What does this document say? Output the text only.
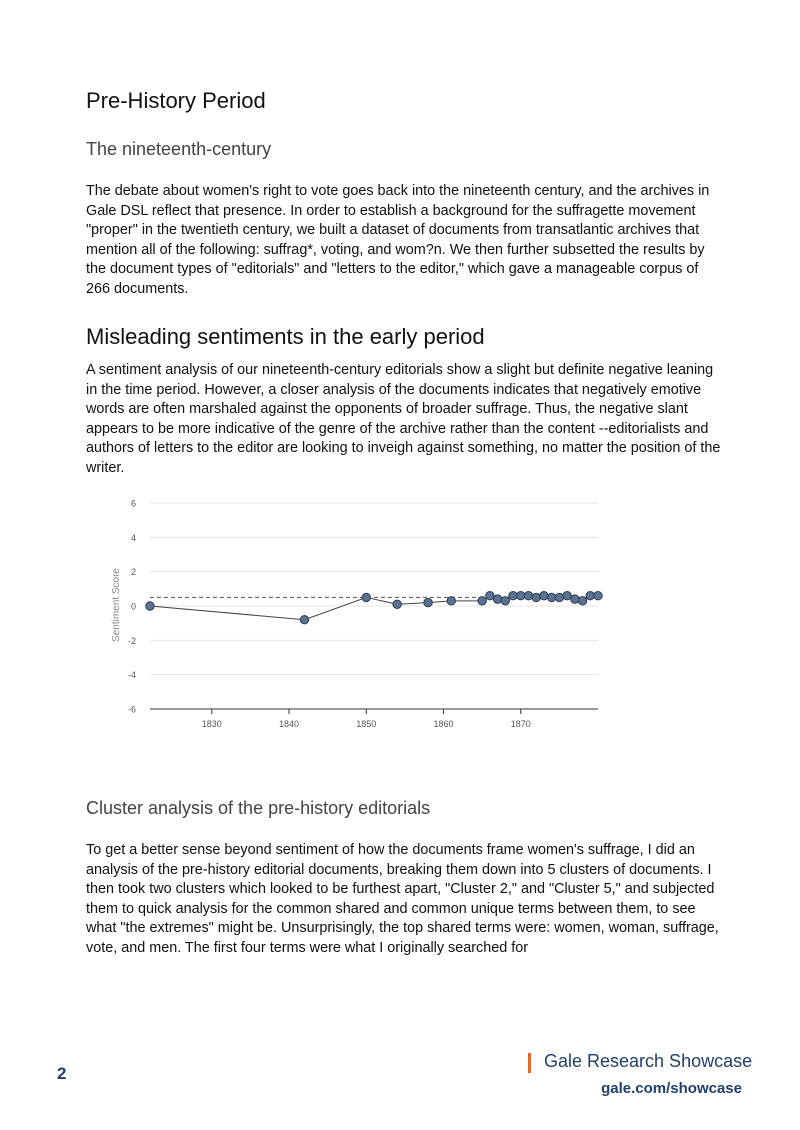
Pre-History Period
The nineteenth-century

The debate about women's right to vote goes back into the nineteenth century, and the archives in Gale DSL reflect that presence. In order to establish a background for the suffragette movement "proper" in the twentieth century, we built a dataset of documents from transatlantic archives that mention all of the following: suffrag*, voting, and wom?n. We then further subsetted the results by the document types of "editorials" and "letters to the editor," which gave a manageable corpus of 266 documents.

Misleading sentiments in the early period

A sentiment analysis of our nineteenth-century editorials show a slight but definite negative leaning in the time period. However, a closer analysis of the documents indicates that negatively emotive words are often marshaled against the opponents of broader suffrage. Thus, the negative slant appears to be more indicative of the genre of the archive rather than the content --editorialists and authors of letters to the editor are looking to inveigh against something, no matter the position of the writer.

6
4
2
0
-2
-4
-6
1830	1840	1850	1860	1870
Sentiment Score
Cluster analysis of the pre-history editorials

To get a better sense beyond sentiment of how the documents frame women's suffrage, I did an analysis of the pre-history editorial documents, breaking them down into 5 clusters of documents. I then took two clusters which looked to be furthest apart, "Cluster 2," and "Cluster 5," and subjected them to quick analysis for the common shared and common unique terms between them, to see what "the extremes" might be. Unsurprisingly, the top shared terms were: women, woman, suffrage, vote, and men. The first four terms were what I originally searched for

2
Gale Research Showcase
gale.com/showcase
